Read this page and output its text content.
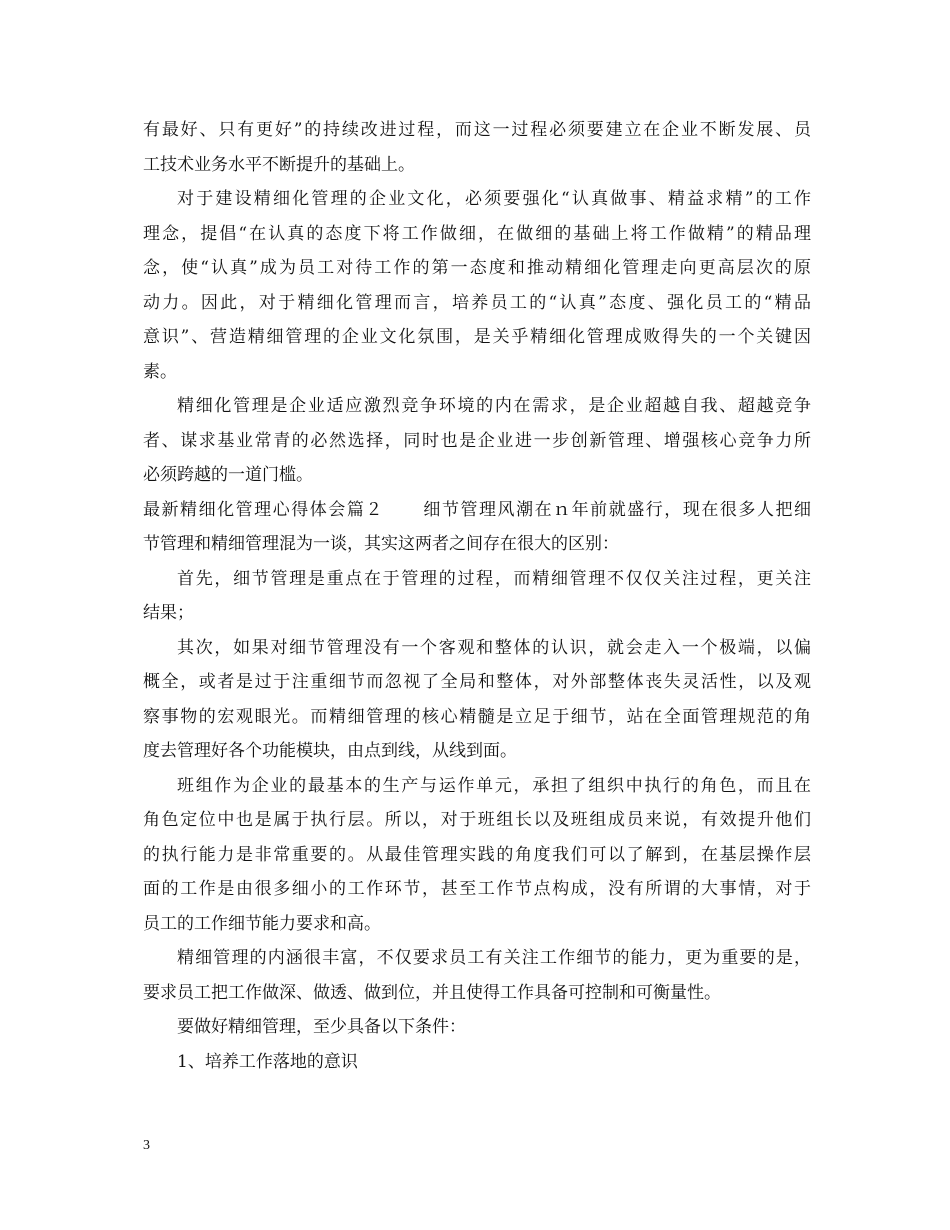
有最好、只有更好”的持续改进过程，而这一过程必须要建立在企业不断发展、员
工技术业务水平不断提升的基础上。
对于建设精细化管理的企业文化，必须要强化“认真做事、精益求精”的工作
理念，提倡“在认真的态度下将工作做细，在做细的基础上将工作做精”的精品理
念，使“认真”成为员工对待工作的第一态度和推动精细化管理走向更高层次的原
动力。因此，对于精细化管理而言，培养员工的“认真”态度、强化员工的“精品
意识”、营造精细管理的企业文化氛围，是关乎精细化管理成败得失的一个关键因
素。
精细化管理是企业适应激烈竞争环境的内在需求，是企业超越自我、超越竞争
者、谋求基业常青的必然选择，同时也是企业进一步创新管理、增强核心竞争力所
必须跨越的一道门槛。
最新精细化管理心得体会篇２ 细节管理风潮在ｎ年前就盛行，现在很多人把细
节管理和精细管理混为一谈，其实这两者之间存在很大的区别：
首先，细节管理是重点在于管理的过程，而精细管理不仅仅关注过程，更关注
结果；
其次，如果对细节管理没有一个客观和整体的认识，就会走入一个极端，以偏
概全，或者是过于注重细节而忽视了全局和整体，对外部整体丧失灵活性，以及观
察事物的宏观眼光。而精细管理的核心精髓是立足于细节，站在全面管理规范的角
度去管理好各个功能模块，由点到线，从线到面。
班组作为企业的最基本的生产与运作单元，承担了组织中执行的角色，而且在
角色定位中也是属于执行层。所以，对于班组长以及班组成员来说，有效提升他们
的执行能力是非常重要的。从最佳管理实践的角度我们可以了解到，在基层操作层
面的工作是由很多细小的工作环节，甚至工作节点构成，没有所谓的大事情，对于
员工的工作细节能力要求和高。
精细管理的内涵很丰富，不仅要求员工有关注工作细节的能力，更为重要的是，
要求员工把工作做深、做透、做到位，并且使得工作具备可控制和可衡量性。
要做好精细管理，至少具备以下条件：
1、培养工作落地的意识
3
